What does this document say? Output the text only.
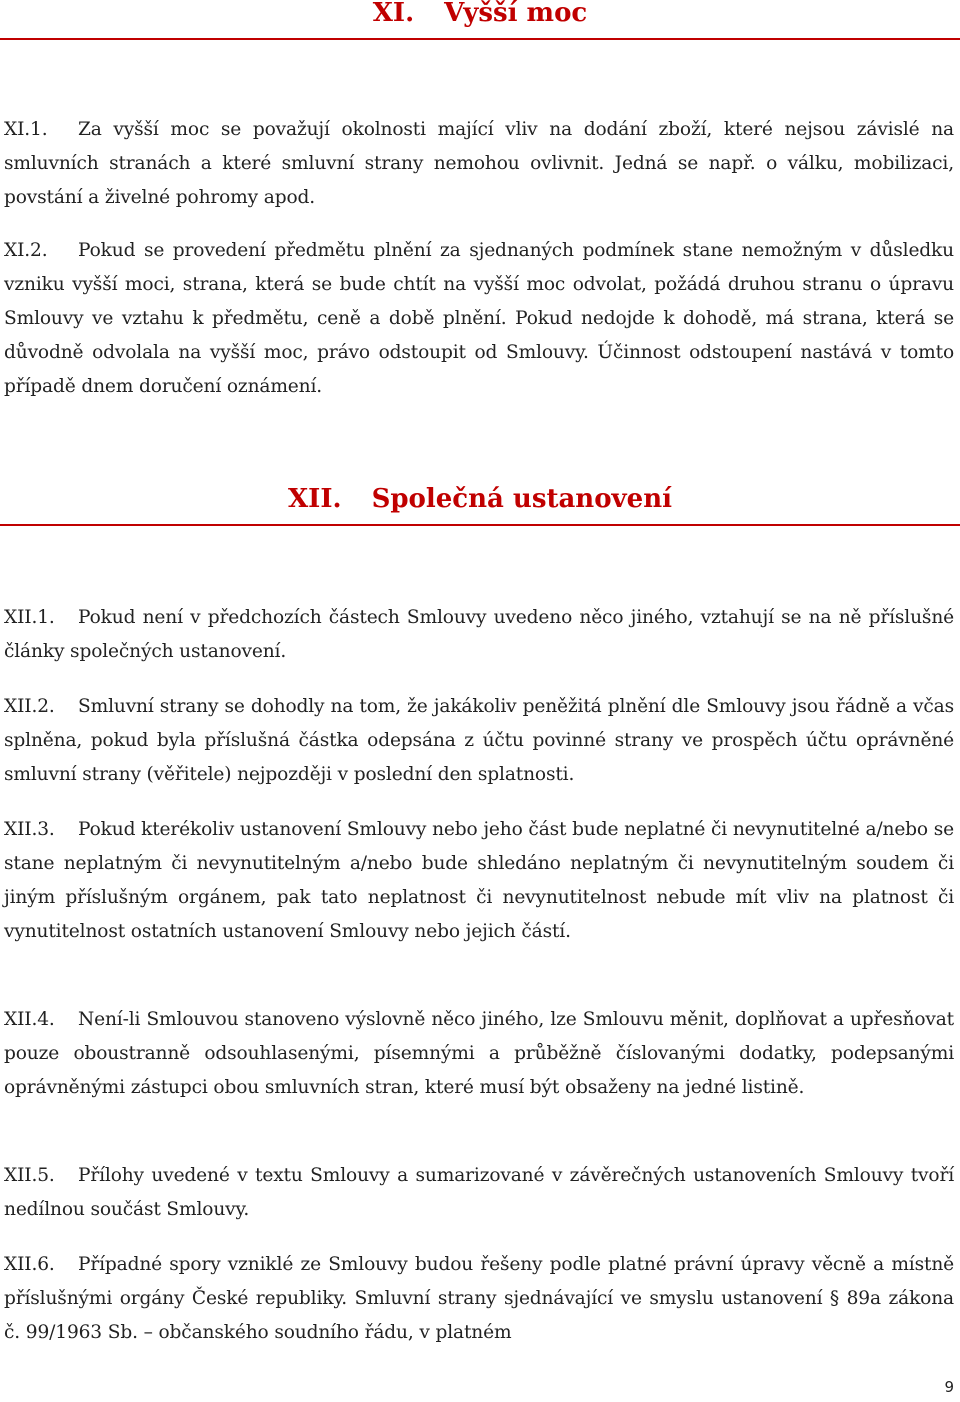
XI. Vyšší moc

XI.1. Za vyšší moc se považují okolnosti mající vliv na dodání zboží, které nejsou závislé na smluvních stranách a které smluvní strany nemohou ovlivnit. Jedná se např. o válku, mobilizaci, povstání a živelné pohromy apod.

XI.2. Pokud se provedení předmětu plnění za sjednaných podmínek stane nemožným v důsledku vzniku vyšší moci, strana, která se bude chtít na vyšší moc odvolat, požádá druhou stranu o úpravu Smlouvy ve vztahu k předmětu, ceně a době plnění. Pokud nedojde k dohodě, má strana, která se důvodně odvolala na vyšší moc, právo odstoupit od Smlouvy. Účinnost odstoupení nastává v tomto případě dnem doručení oznámení.

XII. Společná ustanovení

XII.1. Pokud není v předchozích částech Smlouvy uvedeno něco jiného, vztahují se na ně příslušné články společných ustanovení.

XII.2. Smluvní strany se dohodly na tom, že jakákoliv peněžitá plnění dle Smlouvy jsou řádně a včas splněna, pokud byla příslušná částka odepsána z účtu povinné strany ve prospěch účtu oprávněné smluvní strany (věřitele) nejpozději v poslední den splatnosti.

XII.3. Pokud kterékoliv ustanovení Smlouvy nebo jeho část bude neplatné či nevynutitelné a/nebo se stane neplatným či nevynutitelným a/nebo bude shledáno neplatným či nevynutitelným soudem či jiným příslušným orgánem, pak tato neplatnost či nevynutitelnost nebude mít vliv na platnost či vynutitelnost ostatních ustanovení Smlouvy nebo jejich částí.

XII.4. Není-li Smlouvou stanoveno výslovně něco jiného, lze Smlouvu měnit, doplňovat a upřesňovat pouze oboustranně odsouhlasenými, písemnými a průběžně číslovanými dodatky, podepsanými oprávněnými zástupci obou smluvních stran, které musí být obsaženy na jedné listině.

XII.5. Přílohy uvedené v textu Smlouvy a sumarizované v závěrečných ustanoveních Smlouvy tvoří nedílnou součást Smlouvy.

XII.6. Případné spory vzniklé ze Smlouvy budou řešeny podle platné právní úpravy věcně a místně příslušnými orgány České republiky. Smluvní strany sjednávající ve smyslu ustanovení § 89a zákona č. 99/1963 Sb. – občanského soudního řádu, v platném

9
